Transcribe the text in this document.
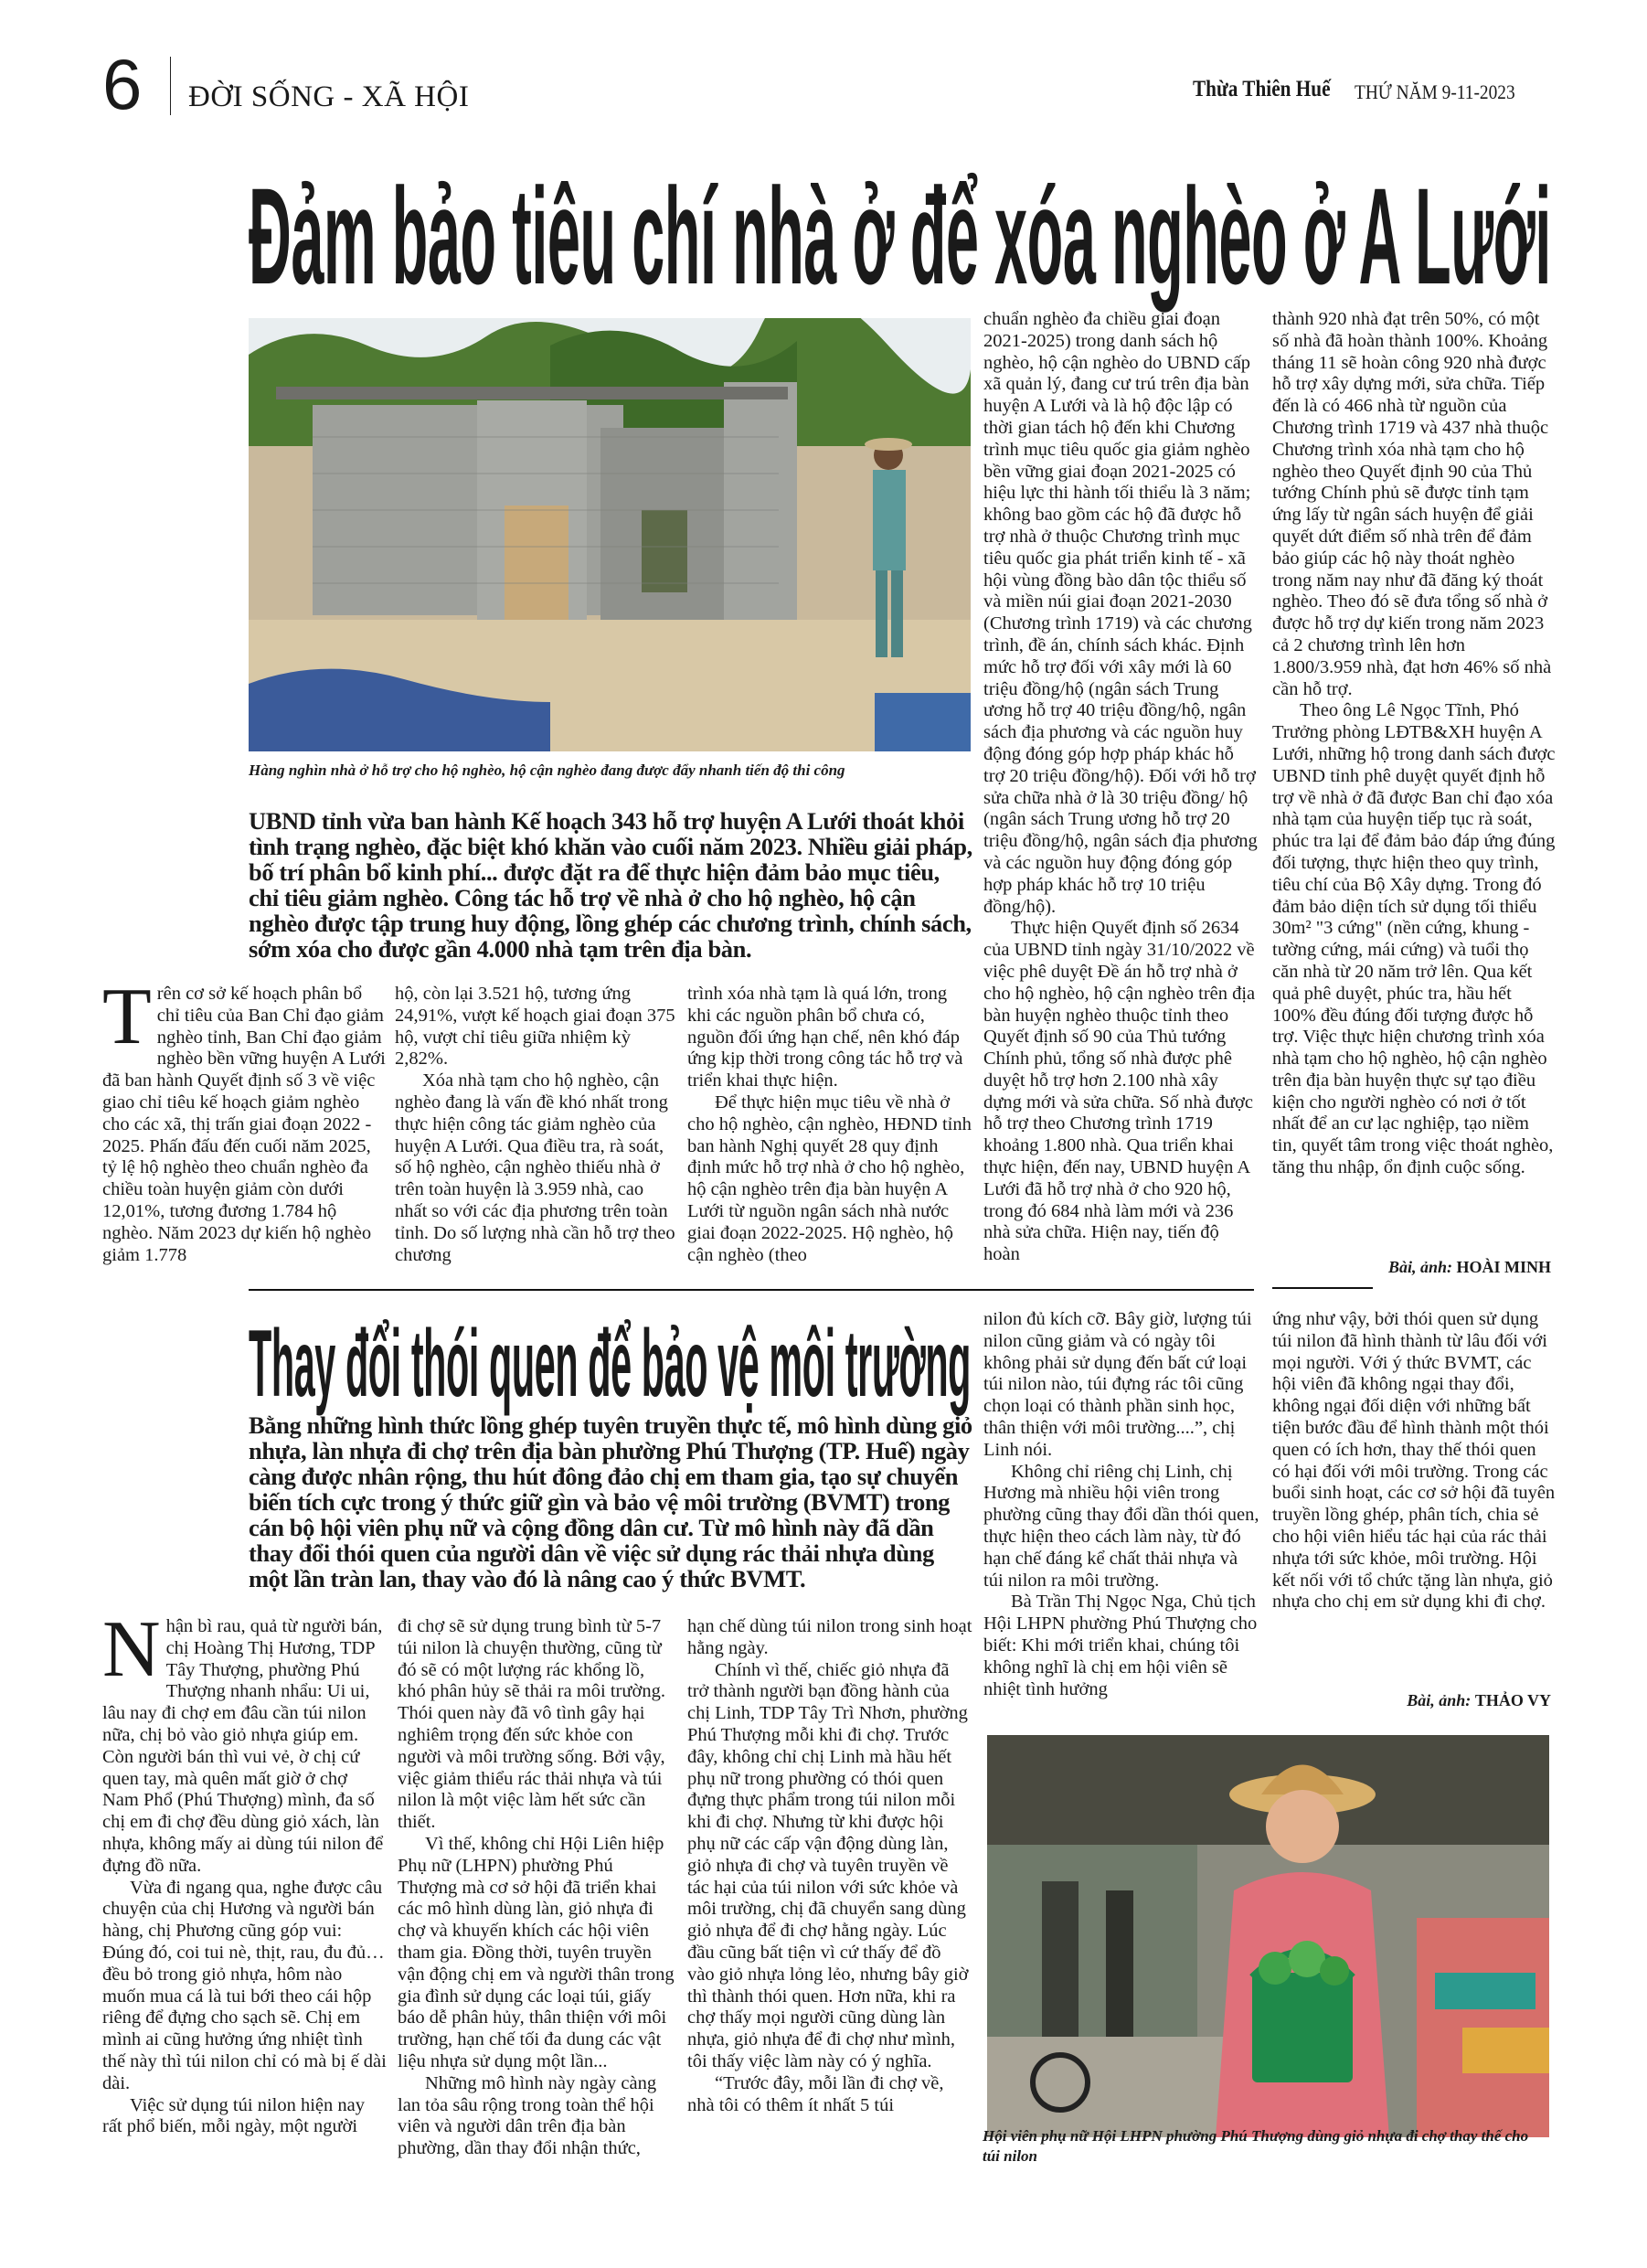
6 ĐỜI SỐNG - XÃ HỘI	Thừa Thiên Huế THỨ NĂM 9-11-2023
Đảm bảo tiêu chí nhà ở để xóa nghèo ở A Lưới
Hàng nghìn nhà ở hỗ trợ cho hộ nghèo, hộ cận nghèo đang được đẩy nhanh tiến độ thi công
UBND tỉnh vừa ban hành Kế hoạch 343 hỗ trợ huyện A Lưới thoát khỏi tình trạng nghèo, đặc biệt khó khăn vào cuối năm 2023. Nhiều giải pháp, bố trí phân bổ kinh phí... được đặt ra để thực hiện đảm bảo mục tiêu, chỉ tiêu giảm nghèo. Công tác hỗ trợ về nhà ở cho hộ nghèo, hộ cận nghèo được tập trung huy động, lồng ghép các chương trình, chính sách, sớm xóa cho được gần 4.000 nhà tạm trên địa bàn.

Trên cơ sở kế hoạch phân bổ chỉ tiêu của Ban Chỉ đạo giảm nghèo tỉnh, Ban Chỉ đạo giảm nghèo bền vững huyện A Lưới đã ban hành Quyết định số 3 về việc giao chỉ tiêu kế hoạch giảm nghèo cho các xã, thị trấn giai đoạn 2022 - 2025. Phấn đấu đến cuối năm 2025, tỷ lệ hộ nghèo theo chuẩn nghèo đa chiều toàn huyện giảm còn dưới 12,01%, tương đương 1.784 hộ nghèo. Năm 2023 dự kiến hộ nghèo giảm 1.778

hộ, còn lại 3.521 hộ, tương ứng 24,91%, vượt kế hoạch giai đoạn 375 hộ, vượt chỉ tiêu giữa nhiệm kỳ 2,82%.

Xóa nhà tạm cho hộ nghèo, cận nghèo đang là vấn đề khó nhất trong thực hiện công tác giảm nghèo của huyện A Lưới. Qua điều tra, rà soát, số hộ nghèo, cận nghèo thiếu nhà ở trên toàn huyện là 3.959 nhà, cao nhất so với các địa phương trên toàn tỉnh. Do số lượng nhà cần hỗ trợ theo chương

trình xóa nhà tạm là quá lớn, trong khi các nguồn phân bổ chưa có, nguồn đối ứng hạn chế, nên khó đáp ứng kịp thời trong công tác hỗ trợ và triển khai thực hiện.

Để thực hiện mục tiêu về nhà ở cho hộ nghèo, cận nghèo, HĐND tỉnh ban hành Nghị quyết 28 quy định định mức hỗ trợ nhà ở cho hộ nghèo, hộ cận nghèo trên địa bàn huyện A Lưới từ nguồn ngân sách nhà nước giai đoạn 2022-2025. Hộ nghèo, hộ cận nghèo (theo

chuẩn nghèo đa chiều giai đoạn 2021-2025) trong danh sách hộ nghèo, hộ cận nghèo do UBND cấp xã quản lý, đang cư trú trên địa bàn huyện A Lưới và là hộ độc lập có thời gian tách hộ đến khi Chương trình mục tiêu quốc gia giảm nghèo bền vững giai đoạn 2021-2025 có hiệu lực thi hành tối thiểu là 3 năm; không bao gồm các hộ đã được hỗ trợ nhà ở thuộc Chương trình mục tiêu quốc gia phát triển kinh tế - xã hội vùng đồng bào dân tộc thiểu số và miền núi giai đoạn 2021-2030 (Chương trình 1719) và các chương trình, đề án, chính sách khác. Định mức hỗ trợ đối với xây mới là 60 triệu đồng/hộ (ngân sách Trung ương hỗ trợ 40 triệu đồng/hộ, ngân sách địa phương và các nguồn huy động đóng góp hợp pháp khác hỗ trợ 20 triệu đồng/hộ). Đối với hỗ trợ sửa chữa nhà ở là 30 triệu đồng/ hộ (ngân sách Trung ương hỗ trợ 20 triệu đồng/hộ, ngân sách địa phương và các nguồn huy động đóng góp hợp pháp khác hỗ trợ 10 triệu đồng/hộ).

Thực hiện Quyết định số 2634 của UBND tỉnh ngày 31/10/2022 về việc phê duyệt Đề án hỗ trợ nhà ở cho hộ nghèo, hộ cận nghèo trên địa bàn huyện nghèo thuộc tỉnh theo Quyết định số 90 của Thủ tướng Chính phủ, tổng số nhà được phê duyệt hỗ trợ hơn 2.100 nhà xây dựng mới và sửa chữa. Số nhà được hỗ trợ theo Chương trình 1719 khoảng 1.800 nhà. Qua triển khai thực hiện, đến nay, UBND huyện A Lưới đã hỗ trợ nhà ở cho 920 hộ, trong đó 684 nhà làm mới và 236 nhà sửa chữa. Hiện nay, tiến độ hoàn

thành 920 nhà đạt trên 50%, có một số nhà đã hoàn thành 100%. Khoảng tháng 11 sẽ hoàn công 920 nhà được hỗ trợ xây dựng mới, sửa chữa. Tiếp đến là có 466 nhà từ nguồn của Chương trình 1719 và 437 nhà thuộc Chương trình xóa nhà tạm cho hộ nghèo theo Quyết định 90 của Thủ tướng Chính phủ sẽ được tỉnh tạm ứng lấy từ ngân sách huyện để giải quyết dứt điểm số nhà trên để đảm bảo giúp các hộ này thoát nghèo trong năm nay như đã đăng ký thoát nghèo. Theo đó sẽ đưa tổng số nhà ở được hỗ trợ dự kiến trong năm 2023 cả 2 chương trình lên hơn 1.800/3.959 nhà, đạt hơn 46% số nhà cần hỗ trợ.

Theo ông Lê Ngọc Tĩnh, Phó Trưởng phòng LĐTB&XH huyện A Lưới, những hộ trong danh sách được UBND tỉnh phê duyệt quyết định hỗ trợ về nhà ở đã được Ban chỉ đạo xóa nhà tạm của huyện tiếp tục rà soát, phúc tra lại để đảm bảo đáp ứng đúng đối tượng, thực hiện theo quy trình, tiêu chí của Bộ Xây dựng. Trong đó đảm bảo diện tích sử dụng tối thiểu 30m² "3 cứng" (nền cứng, khung - tường cứng, mái cứng) và tuổi thọ căn nhà từ 20 năm trở lên. Qua kết quả phê duyệt, phúc tra, hầu hết 100% đều đúng đối tượng được hỗ trợ. Việc thực hiện chương trình xóa nhà tạm cho hộ nghèo, hộ cận nghèo trên địa bàn huyện thực sự tạo điều kiện cho người nghèo có nơi ở tốt nhất để an cư lạc nghiệp, tạo niềm tin, quyết tâm trong việc thoát nghèo, tăng thu nhập, ổn định cuộc sống.

Bài, ảnh: HOÀI MINH
Thay đổi thói quen để bảo vệ môi trường
Bằng những hình thức lồng ghép tuyên truyền thực tế, mô hình dùng giỏ nhựa, làn nhựa đi chợ trên địa bàn phường Phú Thượng (TP. Huế) ngày càng được nhân rộng, thu hút đông đảo chị em tham gia, tạo sự chuyển biến tích cực trong ý thức giữ gìn và bảo vệ môi trường (BVMT) trong cán bộ hội viên phụ nữ và cộng đồng dân cư. Từ mô hình này đã dần thay đổi thói quen của người dân về việc sử dụng rác thải nhựa dùng một lần tràn lan, thay vào đó là nâng cao ý thức BVMT.

Nhận bì rau, quả từ người bán, chị Hoàng Thị Hương, TDP Tây Thượng, phường Phú Thượng nhanh nhẩu: Ui ui, lâu nay đi chợ em đâu cần túi nilon nữa, chị bỏ vào giỏ nhựa giúp em. Còn người bán thì vui vẻ, ờ chị cứ quen tay, mà quên mất giờ ở chợ Nam Phổ (Phú Thượng) mình, đa số chị em đi chợ đều dùng giỏ xách, làn nhựa, không mấy ai dùng túi nilon để đựng đồ nữa.

Vừa đi ngang qua, nghe được câu chuyện của chị Hương và người bán hàng, chị Phương cũng góp vui: Đúng đó, coi tui nè, thịt, rau, đu đủ… đều bỏ trong giỏ nhựa, hôm nào muốn mua cá là tui bới theo cái hộp riêng để đựng cho sạch sẽ. Chị em mình ai cũng hưởng ứng nhiệt tình thế này thì túi nilon chỉ có mà bị ế dài dài.

Việc sử dụng túi nilon hiện nay rất phổ biến, mỗi ngày, một người

đi chợ sẽ sử dụng trung bình từ 5-7 túi nilon là chuyện thường, cũng từ đó sẽ có một lượng rác khổng lồ, khó phân hủy sẽ thải ra môi trường. Thói quen này đã vô tình gây hại nghiêm trọng đến sức khỏe con người và môi trường sống. Bởi vậy, việc giảm thiểu rác thải nhựa và túi nilon là một việc làm hết sức cần thiết.

Vì thế, không chỉ Hội Liên hiệp Phụ nữ (LHPN) phường Phú Thượng mà cơ sở hội đã triển khai các mô hình dùng làn, giỏ nhựa đi chợ và khuyến khích các hội viên tham gia. Đồng thời, tuyên truyền vận động chị em và người thân trong gia đình sử dụng các loại túi, giấy báo dễ phân hủy, thân thiện với môi trường, hạn chế tối đa dung các vật liệu nhựa sử dụng một lần...

Những mô hình này ngày càng lan tỏa sâu rộng trong toàn thể hội viên và người dân trên địa bàn phường, dần thay đổi nhận thức,

hạn chế dùng túi nilon trong sinh hoạt hằng ngày.

Chính vì thế, chiếc giỏ nhựa đã trở thành người bạn đồng hành của chị Linh, TDP Tây Trì Nhơn, phường Phú Thượng mỗi khi đi chợ. Trước đây, không chỉ chị Linh mà hầu hết phụ nữ trong phường có thói quen đựng thực phẩm trong túi nilon mỗi khi đi chợ. Nhưng từ khi được hội phụ nữ các cấp vận động dùng làn, giỏ nhựa đi chợ và tuyên truyền về tác hại của túi nilon với sức khỏe và môi trường, chị đã chuyển sang dùng giỏ nhựa để đi chợ hằng ngày. Lúc đầu cũng bất tiện vì cứ thấy để đồ vào giỏ nhựa lỏng lẻo, nhưng bây giờ thì thành thói quen. Hơn nữa, khi ra chợ thấy mọi người cũng dùng làn nhựa, giỏ nhựa để đi chợ như mình, tôi thấy việc làm này có ý nghĩa.

“Trước đây, mỗi lần đi chợ về, nhà tôi có thêm ít nhất 5 túi

nilon đủ kích cỡ. Bây giờ, lượng túi nilon cũng giảm và có ngày tôi không phải sử dụng đến bất cứ loại túi nilon nào, túi đựng rác tôi cũng chọn loại có thành phần sinh học, thân thiện với môi trường....”, chị Linh nói.

Không chỉ riêng chị Linh, chị Hương mà nhiều hội viên trong phường cũng thay đổi dần thói quen, thực hiện theo cách làm này, từ đó hạn chế đáng kể chất thải nhựa và túi nilon ra môi trường.

Bà Trần Thị Ngọc Nga, Chủ tịch Hội LHPN phường Phú Thượng cho biết: Khi mới triển khai, chúng tôi không nghĩ là chị em hội viên sẽ nhiệt tình hưởng

ứng như vậy, bởi thói quen sử dụng túi nilon đã hình thành từ lâu đối với mọi người. Với ý thức BVMT, các hội viên đã không ngại thay đổi, không ngại đối diện với những bất tiện bước đầu để hình thành một thói quen có ích hơn, thay thế thói quen có hại đối với môi trường. Trong các buổi sinh hoạt, các cơ sở hội đã tuyên truyền lồng ghép, phân tích, chia sẻ cho hội viên hiểu tác hại của rác thải nhựa tới sức khỏe, môi trường. Hội kết nối với tổ chức tặng làn nhựa, giỏ nhựa cho chị em sử dụng khi đi chợ.

Bài, ảnh: THẢO VY
Hội viên phụ nữ Hội LHPN phường Phú Thượng dùng giỏ nhựa đi chợ thay thế cho túi nilon
